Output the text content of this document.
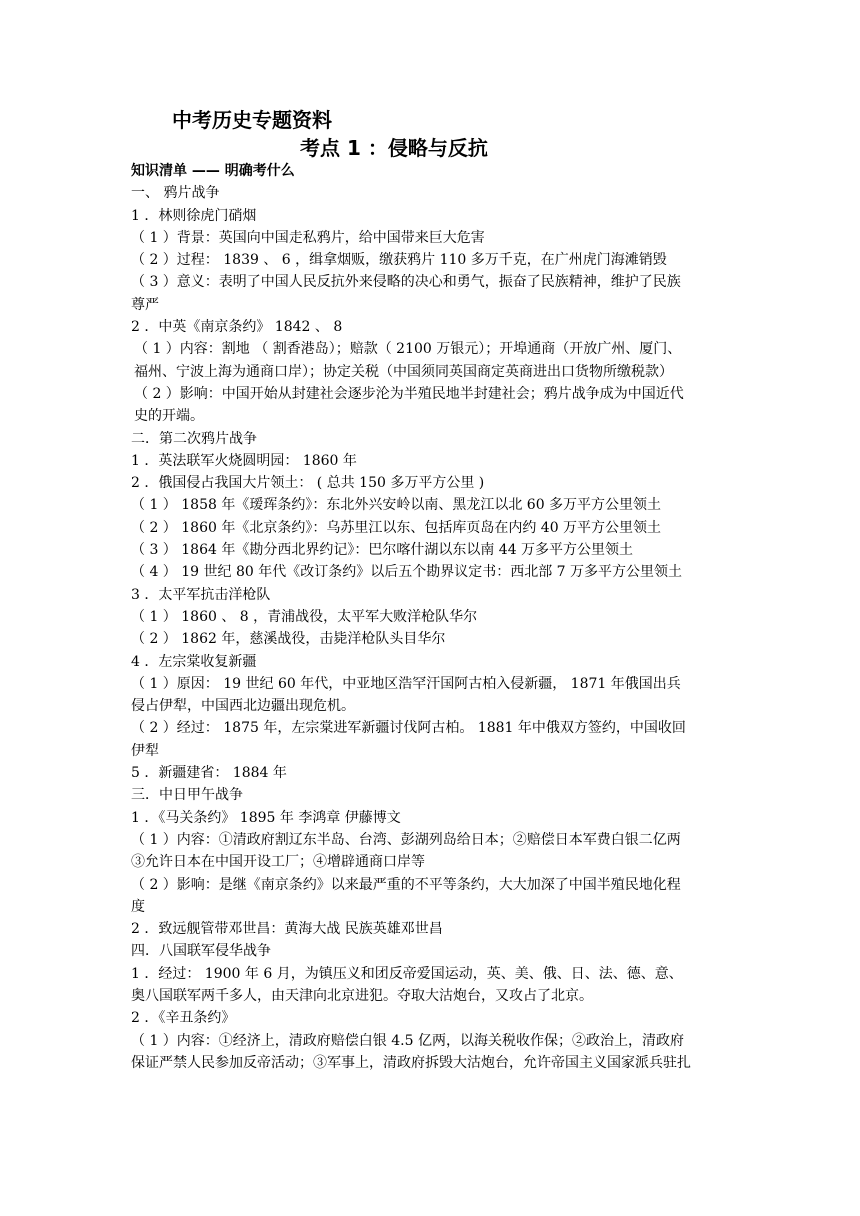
中考历史专题资料
考点 1 ：侵略与反抗
知识清单 —— 明确考什么
一、 鸦片战争
1 ．林则徐虎门硝烟
（ 1 ）背景：英国向中国走私鸦片，给中国带来巨大危害
（ 2 ）过程： 1839 、 6 ，缉拿烟贩，缴获鸦片 110 多万千克，在广州虎门海滩销毁
（ 3 ）意义：表明了中国人民反抗外来侵略的决心和勇气，振奋了民族精神，维护了民族
尊严
2 ．中英《南京条约》 1842 、 8
（ 1 ）内容：割地 （ 割香港岛）；赔款（ 2100 万银元）；开埠通商（开放广州、厦门、
福州、宁波上海为通商口岸）；协定关税（中国须同英国商定英商进出口货物所缴税款）
（ 2 ）影响：中国开始从封建社会逐步沦为半殖民地半封建社会；鸦片战争成为中国近代
史的开端。
二．第二次鸦片战争
1 ．英法联军火烧圆明园： 1860 年
2 ．俄国侵占我国大片领土： ( 总共 150 多万平方公里 )
（ 1 ） 1858 年《瑷珲条约》：东北外兴安岭以南、黑龙江以北 60 多万平方公里领土
（ 2 ） 1860 年《北京条约》：乌苏里江以东、包括库页岛在内约 40 万平方公里领土
（ 3 ） 1864 年《勘分西北界约记》：巴尔喀什湖以东以南 44 万多平方公里领土
（ 4 ） 19 世纪 80 年代《改订条约》以后五个勘界议定书：西北部 7 万多平方公里领土
3 ．太平军抗击洋枪队
（ 1 ） 1860 、 8 ，青浦战役，太平军大败洋枪队华尔
（ 2 ） 1862 年，慈溪战役，击毙洋枪队头目华尔
4 ．左宗棠收复新疆
（ 1 ）原因： 19 世纪 60 年代，中亚地区浩罕汗国阿古柏入侵新疆， 1871 年俄国出兵
侵占伊犁，中国西北边疆出现危机。
（ 2 ）经过： 1875 年，左宗棠进军新疆讨伐阿古柏。 1881 年中俄双方签约，中国收回
伊犁
5 ．新疆建省： 1884 年
三．中日甲午战争
1 ．《马关条约》 1895 年 李鸿章 伊藤博文
（ 1 ）内容：①清政府割辽东半岛、台湾、彭湖列岛给日本；②赔偿日本军费白银二亿两
③允许日本在中国开设工厂；④增辟通商口岸等
（ 2 ）影响：是继《南京条约》以来最严重的不平等条约，大大加深了中国半殖民地化程
度
2 ．致远舰管带邓世昌：黄海大战 民族英雄邓世昌
四．八国联军侵华战争
1 ．经过： 1900 年 6 月，为镇压义和团反帝爱国运动，英、美、俄、日、法、德、意、
奥八国联军两千多人，由天津向北京进犯。夺取大沽炮台，又攻占了北京。
2 ．《辛丑条约》
（ 1 ）内容：①经济上，清政府赔偿白银 4.5 亿两，以海关税收作保；②政治上，清政府
保证严禁人民参加反帝活动；③军事上，清政府拆毁大沽炮台，允许帝国主义国家派兵驻扎
